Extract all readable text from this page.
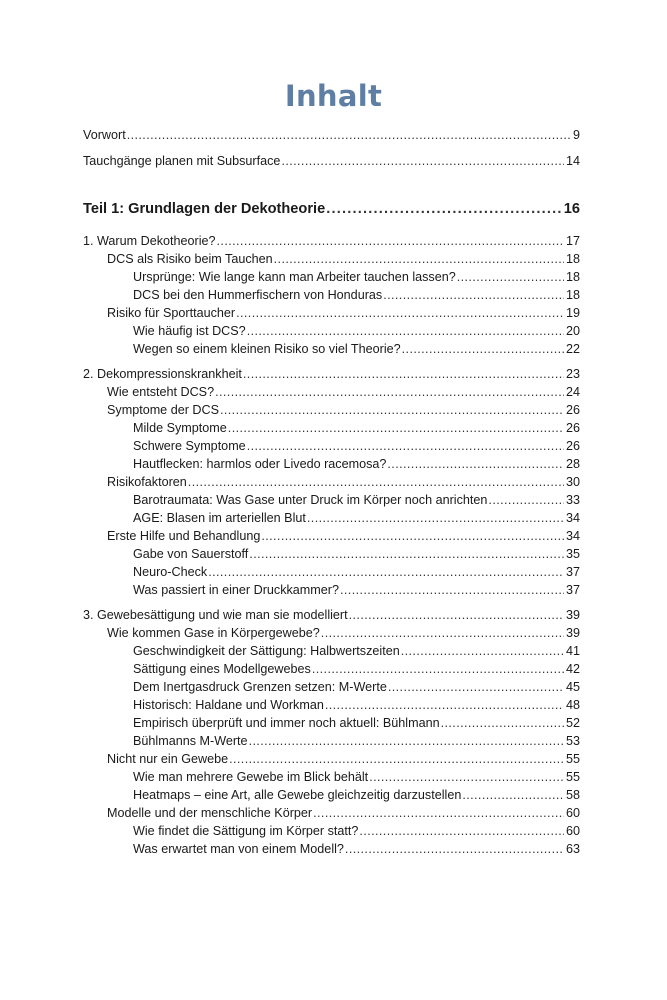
Inhalt
Vorwort .....	9
Tauchgänge planen mit Subsurface .....	14
Teil 1: Grundlagen der Dekotheorie .....	16
1. Warum Dekotheorie? .....	17
DCS als Risiko beim Tauchen .....	18
Ursprünge: Wie lange kann man Arbeiter tauchen lassen? .....	18
DCS bei den Hummerfischern von Honduras .....	18
Risiko für Sporttaucher .....	19
Wie häufig ist DCS? .....	20
Wegen so einem kleinen Risiko so viel Theorie? .....	22
2. Dekompressionskrankheit .....	23
Wie entsteht DCS? .....	24
Symptome der DCS .....	26
Milde Symptome .....	26
Schwere Symptome .....	26
Hautflecken: harmlos oder Livedo racemosa? .....	28
Risikofaktoren .....	30
Barotraumata: Was Gase unter Druck im Körper noch anrichten .....	33
AGE: Blasen im arteriellen Blut .....	34
Erste Hilfe und Behandlung .....	34
Gabe von Sauerstoff .....	35
Neuro-Check .....	37
Was passiert in einer Druckkammer? .....	37
3. Gewebesättigung und wie man sie modelliert .....	39
Wie kommen Gase in Körpergewebe? .....	39
Geschwindigkeit der Sättigung: Halbwertszeiten .....	41
Sättigung eines Modellgewebes .....	42
Dem Inertgasdruck Grenzen setzen: M-Werte .....	45
Historisch: Haldane und Workman .....	48
Empirisch überprüft und immer noch aktuell: Bühlmann .....	52
Bühlmanns M-Werte .....	53
Nicht nur ein Gewebe .....	55
Wie man mehrere Gewebe im Blick behält .....	55
Heatmaps – eine Art, alle Gewebe gleichzeitig darzustellen .....	58
Modelle und der menschliche Körper .....	60
Wie findet die Sättigung im Körper statt? .....	60
Was erwartet man von einem Modell? .....	63
